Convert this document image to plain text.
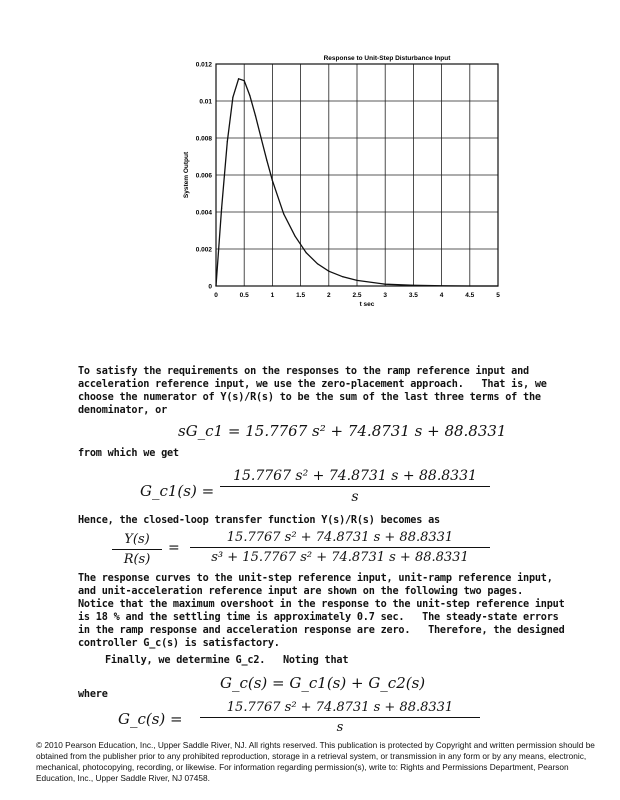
0	0.5	1	1.5	2	2.5	3	3.5	4	4.5	5
0
0.002
0.004
0.006
0.008
0.01
0.012
Response to Unit-Step Disturbance Input
t sec
System Output
To satisfy the requirements on the responses to the ramp reference input and
acceleration reference input, we use the zero-placement approach.   That is, we
choose the numerator of Y(s)/R(s) to be the sum of the last three terms of the
denominator, or
sG_c1 = 15.7767 s² + 74.8731 s + 88.8331
from which we get
G_c1(s) =
15.7767 s² + 74.8731 s + 88.8331
s
Hence, the closed-loop transfer function Y(s)/R(s) becomes as
Y(s)
R(s)
=
15.7767 s² + 74.8731 s + 88.8331
s³ + 15.7767 s² + 74.8731 s + 88.8331
The response curves to the unit-step reference input, unit-ramp reference input,
and unit-acceleration reference input are shown on the following two pages.
Notice that the maximum overshoot in the response to the unit-step reference input
is 18 % and the settling time is approximately 0.7 sec.   The steady-state errors
in the ramp response and acceleration response are zero.   Therefore, the designed
controller G_c(s) is satisfactory.
Finally, we determine G_c2.   Noting that
G_c(s) = G_c1(s) + G_c2(s)
where
G_c(s) =
15.7767 s² + 74.8731 s + 88.8331
s
© 2010 Pearson Education, Inc., Upper Saddle River, NJ. All rights reserved. This publication is protected by Copyright and written permission should be obtained from the publisher prior to any prohibited reproduction, storage in a retrieval system, or transmission in any form or by any means, electronic, mechanical, photocopying, recording, or likewise. For information regarding permission(s), write to: Rights and Permissions Department, Pearson Education, Inc., Upper Saddle River, NJ 07458.
